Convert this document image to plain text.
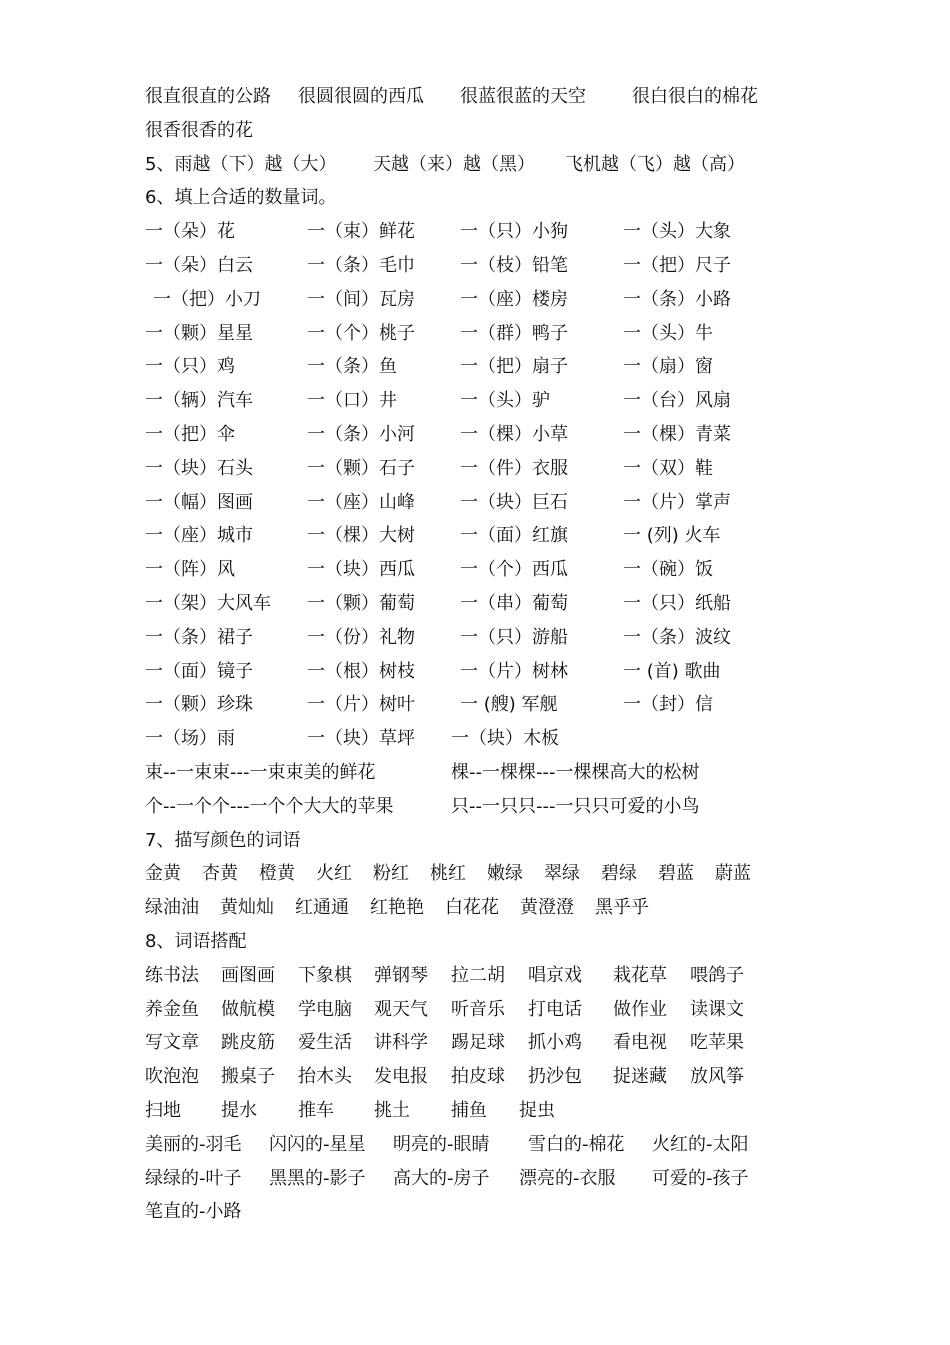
很直很直的公路 很圆很圆的西瓜 很蓝很蓝的天空	很白很白的棉花
很香很香的花
5、雨越（下）越（大） 天越（来）越（黑） 飞机越（飞）越（高）
6、填上合适的数量词。
一（朵）花	一（束）鲜花	一（只）小狗	一（头）大象
一（朵）白云	一（条）毛巾	一（枝）铅笔	一（把）尺子
一（把）小刀	一（间）瓦房	一（座）楼房	一（条）小路
一（颗）星星	一（个）桃子	一（群）鸭子	一（头）牛
一（只）鸡	一（条）鱼	一（把）扇子	一（扇）窗
一（辆）汽车	一（口）井	一（头）驴	一（台）风扇
一（把）伞	一（条）小河	一（棵）小草	一（棵）青菜
一（块）石头	一（颗）石子	一（件）衣服	一（双）鞋
一（幅）图画	一（座）山峰	一（块）巨石	一（片）掌声
一（座）城市	一（棵）大树	一（面）红旗	一 (列) 火车
一（阵）风	一（块）西瓜	一（个）西瓜	一（碗）饭
一（架）大风车 一（颗）葡萄	一（串）葡萄	一（只）纸船
一（条）裙子	一（份）礼物	一（只）游船	一（条）波纹
一（面）镜子	一（根）树枝	一（片）树林	一 (首) 歌曲
一（颗）珍珠	一（片）树叶	一 (艘) 军舰	一（封）信
一（场）雨	一（块）草坪 一（块）木板
束--一束束---一束束美的鲜花	棵--一棵棵---一棵棵高大的松树
个--一个个---一个个大大的苹果	只--一只只---一只只可爱的小鸟
7、描写颜色的词语
金黄 杏黄 橙黄 火红 粉红 桃红 嫩绿 翠绿 碧绿 碧蓝 蔚蓝
绿油油 黄灿灿 红通通 红艳艳 白花花 黄澄澄 黑乎乎
8、词语搭配
练书法 画图画 下象棋 弹钢琴 拉二胡 唱京戏 栽花草 喂鸽子
养金鱼 做航模 学电脑 观天气 听音乐 打电话 做作业 读课文
写文章 跳皮筋 爱生活 讲科学 踢足球 抓小鸡 看电视 吃苹果
吹泡泡 搬桌子 抬木头 发电报 拍皮球 扔沙包 捉迷藏 放风筝
扫地 提水 推车 挑土 捕鱼 捉虫
美丽的-羽毛 闪闪的-星星 明亮的-眼睛 雪白的-棉花 火红的-太阳
绿绿的-叶子 黑黑的-影子 高大的-房子 漂亮的-衣服 可爱的-孩子
笔直的-小路
